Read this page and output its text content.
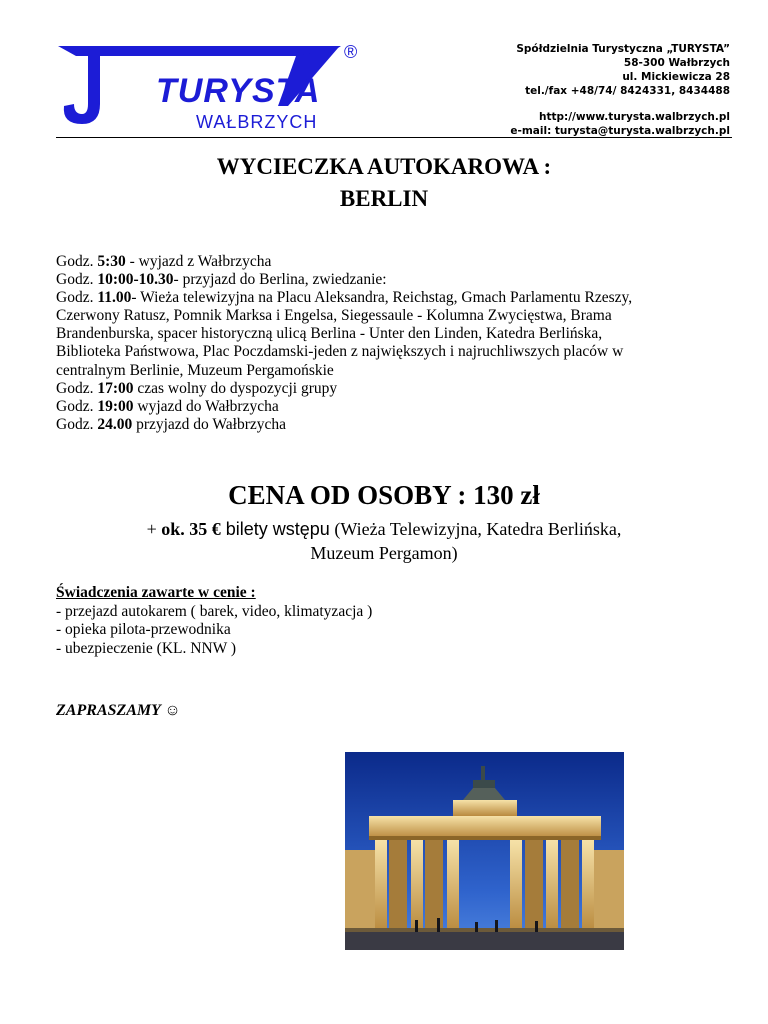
TURYSTA
WAŁBRZYCH
®	Spółdzielnia Turystyczna „TURYSTA”
58-300 Wałbrzych
ul. Mickiewicza 28
tel./fax +48/74/ 8424331, 8434488
http://www.turysta.walbrzych.pl
e-mail: turysta@turysta.walbrzych.pl
WYCIECZKA AUTOKAROWA :
BERLIN
Godz. 5:30 - wyjazd z Wałbrzycha
Godz. 10:00-10.30- przyjazd do Berlina, zwiedzanie:
Godz. 11.00- Wieża telewizyjna na Placu Aleksandra, Reichstag, Gmach Parlamentu Rzeszy,
Czerwony Ratusz, Pomnik Marksa i Engelsa, Siegessaule - Kolumna Zwycięstwa, Brama
Brandenburska, spacer historyczną ulicą Berlina - Unter den Linden, Katedra Berlińska,
Biblioteka Państwowa, Plac Poczdamski-jeden z największych i najruchliwszych placów w
centralnym Berlinie, Muzeum Pergamońskie
Godz. 17:00 czas wolny do dyspozycji grupy
Godz. 19:00 wyjazd do Wałbrzycha
Godz. 24.00 przyjazd do Wałbrzycha
CENA OD OSOBY : 130 zł
+ ok. 35 € bilety wstępu (Wieża Telewizyjna, Katedra Berlińska,
Muzeum Pergamon)
Świadczenia zawarte w cenie :
- przejazd autokarem ( barek, video, klimatyzacja )
- opieka pilota-przewodnika
- ubezpieczenie (KL. NNW )
ZAPRASZAMY ☺
